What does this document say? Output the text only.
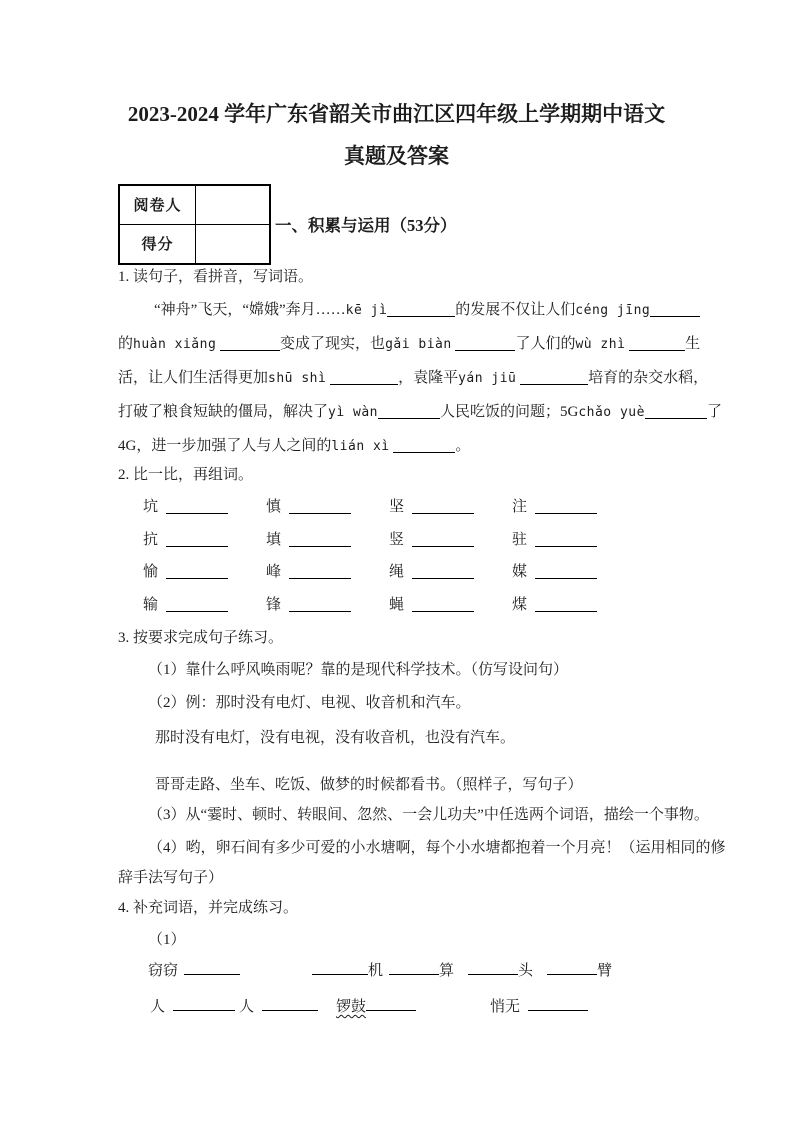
2023-2024 学年广东省韶关市曲江区四年级上学期期中语文
真题及答案
阅卷人	
得分	
一、积累与运用（53分）
1. 读句子，看拼音，写词语。
“神舟”飞天，“嫦娥”奔月……kē jì	的发展不仅让人们céng jīng
的huàn xiǎng	变成了现实，也gǎi biàn	了人们的wù zhì	生
活，让人们生活得更加shū shì	，袁隆平yán jiū	培育的杂交水稻，
打破了粮食短缺的僵局，解决了yì wàn	人民吃饭的问题；5Gchǎo yuè	了
4G，进一步加强了人与人之间的lián xì	。
2. 比一比，再组词。
坑	慎	坚	注
抗	填	竖	驻
愉	峰	绳	媒
输	锋	蝇	煤
3. 按要求完成句子练习。
（1）靠什么呼风唤雨呢？靠的是现代科学技术。（仿写设问句）
（2）例：那时没有电灯、电视、收音机和汽车。
那时没有电灯，没有电视，没有收音机，也没有汽车。
哥哥走路、坐车、吃饭、做梦的时候都看书。（照样子，写句子）
（3）从“霎时、顿时、转眼间、忽然、一会儿功夫”中任选两个词语，描绘一个事物。
（4）哟，卵石间有多少可爱的小水塘啊，每个小水塘都抱着一个月亮！（运用相同的修
辞手法写句子）
4. 补充词语，并完成练习。
（1）
窃窃	机	算	头	臂
人	人	锣鼓	悄无
